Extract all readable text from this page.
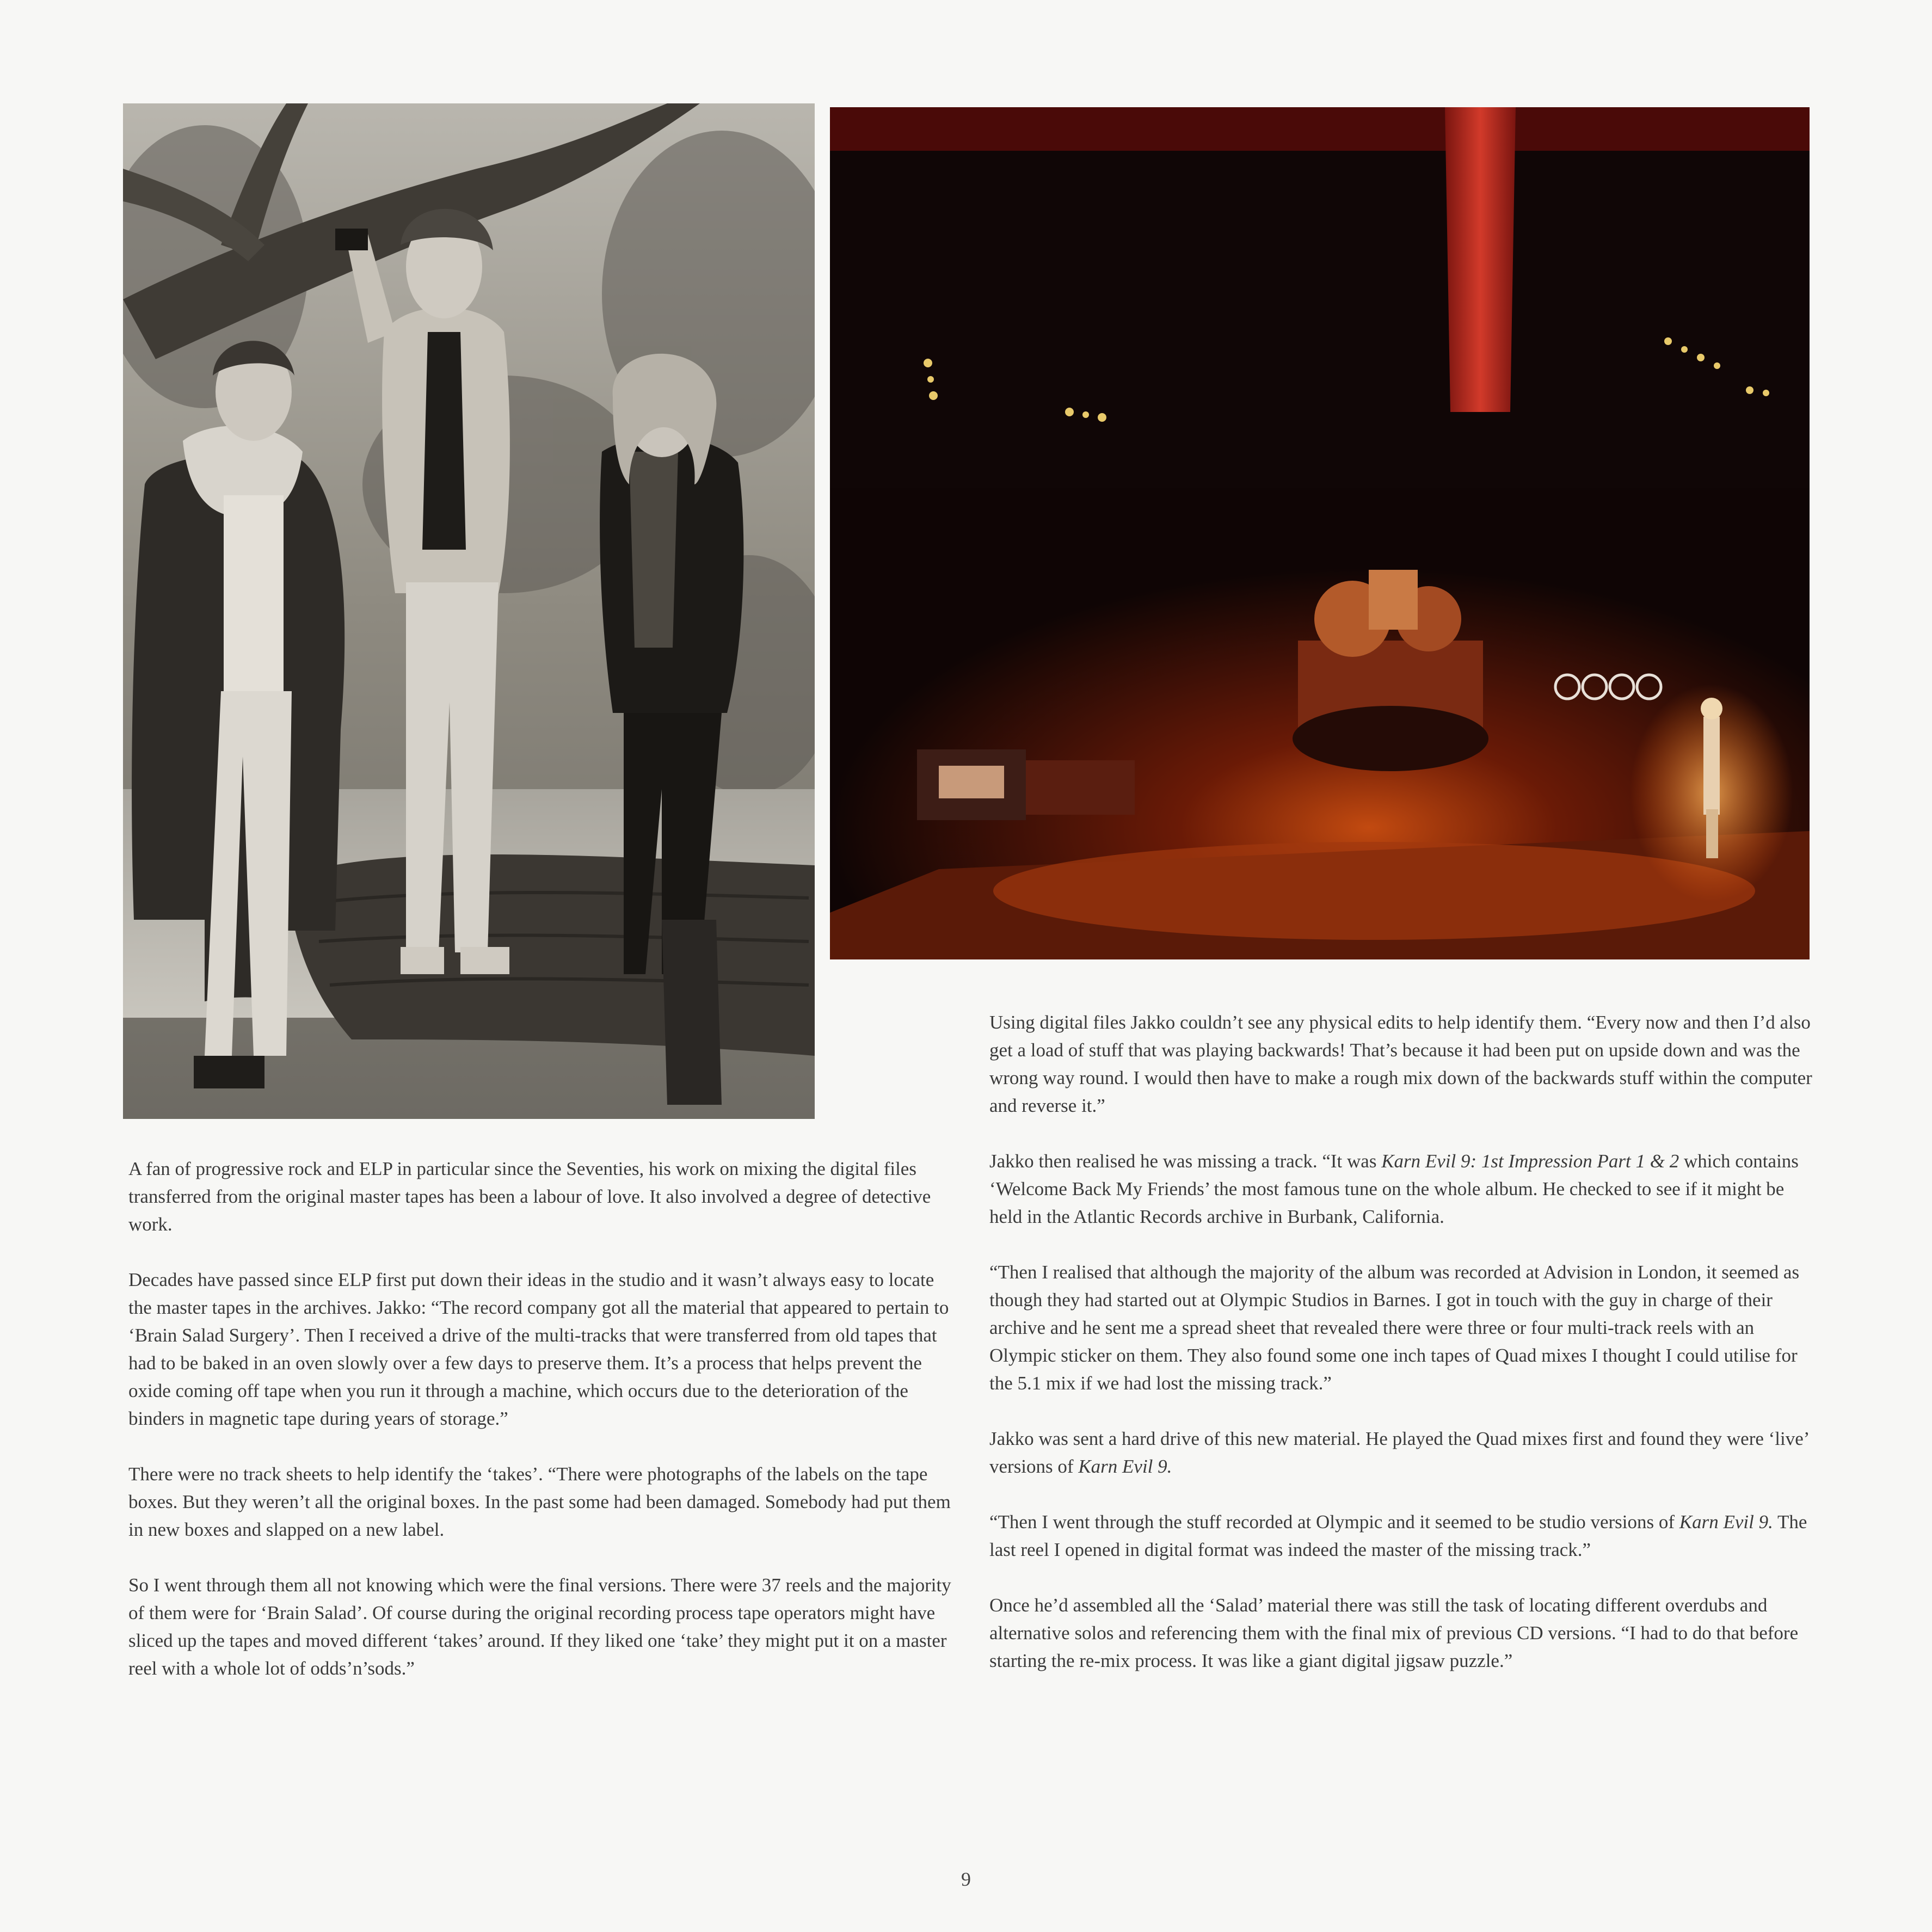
A fan of progressive rock and ELP in particular since the Seventies, his work on mixing the digital files transferred from the original master tapes has been a labour of love. It also involved a degree of detective work.

Decades have passed since ELP first put down their ideas in the studio and it wasn’t always easy to locate the master tapes in the archives. Jakko: “The record company got all the material that appeared to pertain to ‘Brain Salad Surgery’. Then I received a drive of the multi-tracks that were transferred from old tapes that had to be baked in an oven slowly over a few days to preserve them. It’s a process that helps prevent the oxide coming off tape when you run it through a machine, which occurs due to the deterioration of the binders in magnetic tape during years of storage.”

There were no track sheets to help identify the ‘takes’. “There were photographs of the labels on the tape boxes. But they weren’t all the original boxes. In the past some had been damaged. Somebody had put them in new boxes and slapped on a new label.

So I went through them all not knowing which were the final versions. There were 37 reels and the majority of them were for ‘Brain Salad’. Of course during the original recording process tape operators might have sliced up the tapes and moved different ‘takes’ around. If they liked one ‘take’ they might put it on a master reel with a whole lot of odds’n’sods.”

Using digital files Jakko couldn’t see any physical edits to help identify them. “Every now and then I’d also get a load of stuff that was playing backwards! That’s because it had been put on upside down and was the wrong way round. I would then have to make a rough mix down of the backwards stuff within the computer and reverse it.”

Jakko then realised he was missing a track. “It was Karn Evil 9: 1st Impression Part 1 & 2 which contains ‘Welcome Back My Friends’ the most famous tune on the whole album. He checked to see if it might be held in the Atlantic Records archive in Burbank, California.

“Then I realised that although the majority of the album was recorded at Advision in London, it seemed as though they had started out at Olympic Studios in Barnes. I got in touch with the guy in charge of their archive and he sent me a spread sheet that revealed there were three or four multi-track reels with an Olympic sticker on them. They also found some one inch tapes of Quad mixes I thought I could utilise for the 5.1 mix if we had lost the missing track.”

Jakko was sent a hard drive of this new material. He played the Quad mixes first and found they were ‘live’ versions of Karn Evil 9.

“Then I went through the stuff recorded at Olympic and it seemed to be studio versions of Karn Evil 9. The last reel I opened in digital format was indeed the master of the missing track.”

Once he’d assembled all the ‘Salad’ material there was still the task of locating different overdubs and alternative solos and referencing them with the final mix of previous CD versions. “I had to do that before starting the re-mix process. It was like a giant digital jigsaw puzzle.”

9
